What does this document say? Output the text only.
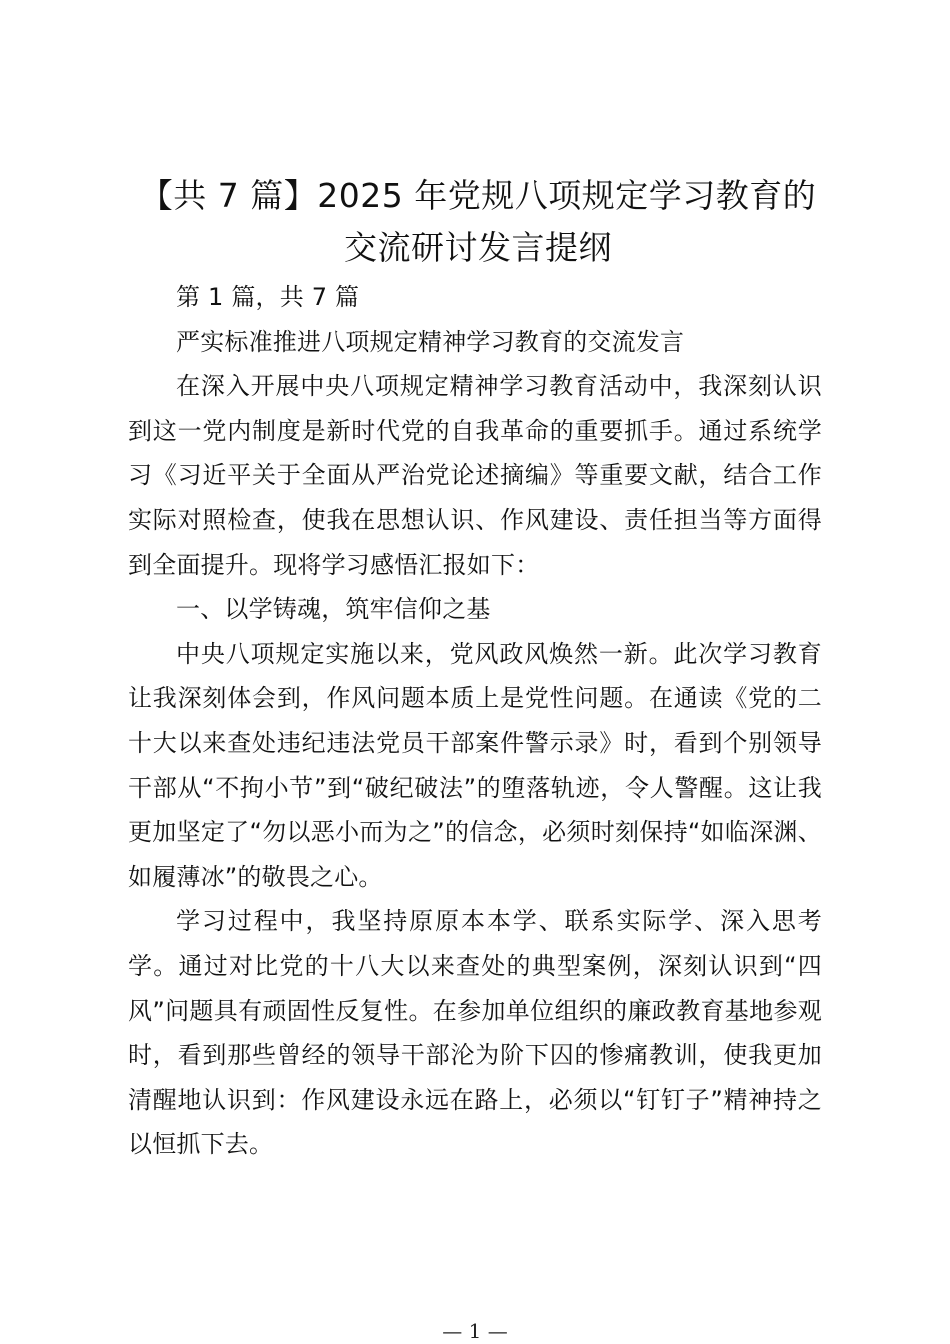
【共 7 篇】2025 年党规八项规定学习教育的交流研讨发言提纲

第 1 篇，共 7 篇

严实标准推进八项规定精神学习教育的交流发言

在深入开展中央八项规定精神学习教育活动中，我深刻认识到这一党内制度是新时代党的自我革命的重要抓手。通过系统学习《习近平关于全面从严治党论述摘编》等重要文献，结合工作实际对照检查，使我在思想认识、作风建设、责任担当等方面得到全面提升。现将学习感悟汇报如下：

一、以学铸魂，筑牢信仰之基

中央八项规定实施以来，党风政风焕然一新。此次学习教育让我深刻体会到，作风问题本质上是党性问题。在通读《党的二十大以来查处违纪违法党员干部案件警示录》时，看到个别领导干部从“不拘小节”到“破纪破法”的堕落轨迹，令人警醒。这让我更加坚定了“勿以恶小而为之”的信念，必须时刻保持“如临深渊、如履薄冰”的敬畏之心。

学习过程中，我坚持原原本本学、联系实际学、深入思考学。通过对比党的十八大以来查处的典型案例，深刻认识到“四风”问题具有顽固性反复性。在参加单位组织的廉政教育基地参观时，看到那些曾经的领导干部沦为阶下囚的惨痛教训，使我更加清醒地认识到：作风建设永远在路上，必须以“钉钉子”精神持之以恒抓下去。

— 1 —
